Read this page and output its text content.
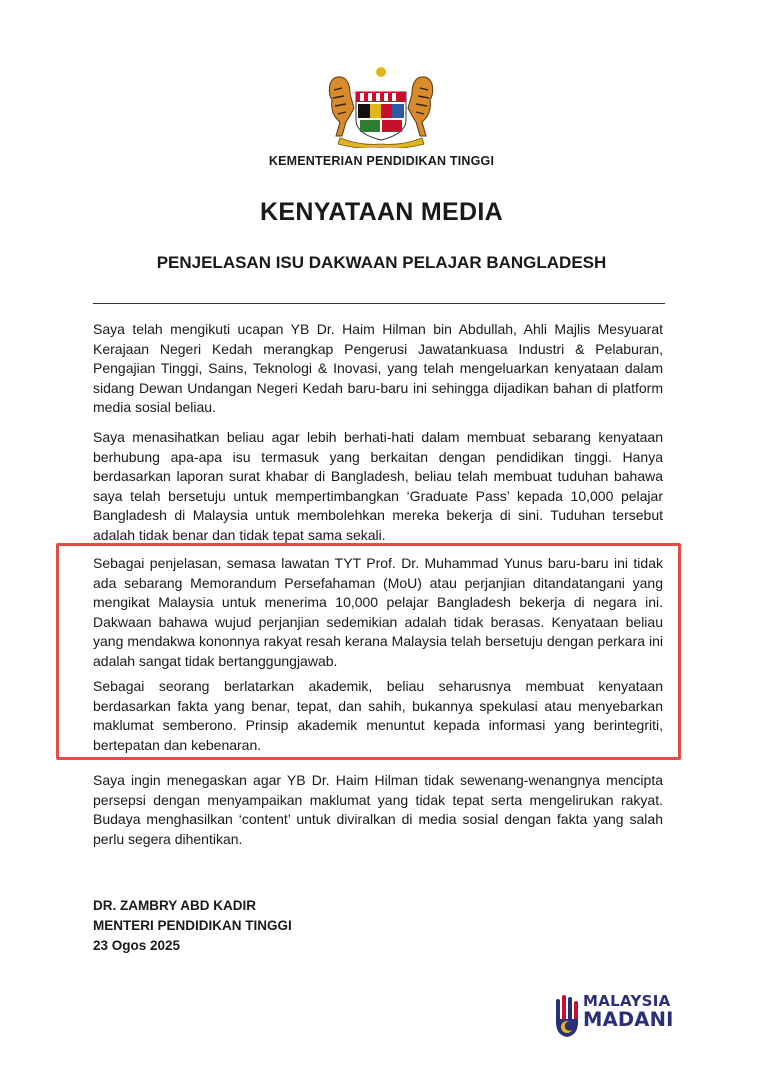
KEMENTERIAN PENDIDIKAN TINGGI
KENYATAAN MEDIA
PENJELASAN ISU DAKWAAN PELAJAR BANGLADESH

Saya telah mengikuti ucapan YB Dr. Haim Hilman bin Abdullah, Ahli Majlis Mesyuarat Kerajaan Negeri Kedah merangkap Pengerusi Jawatankuasa Industri & Pelaburan, Pengajian Tinggi, Sains, Teknologi & Inovasi, yang telah mengeluarkan kenyataan dalam sidang Dewan Undangan Negeri Kedah baru-baru ini sehingga dijadikan bahan di platform media sosial beliau.

Saya menasihatkan beliau agar lebih berhati-hati dalam membuat sebarang kenyataan berhubung apa-apa isu termasuk yang berkaitan dengan pendidikan tinggi. Hanya berdasarkan laporan surat khabar di Bangladesh, beliau telah membuat tuduhan bahawa saya telah bersetuju untuk mempertimbangkan ‘Graduate Pass’ kepada 10,000 pelajar Bangladesh di Malaysia untuk membolehkan mereka bekerja di sini. Tuduhan tersebut adalah tidak benar dan tidak tepat sama sekali.

Sebagai penjelasan, semasa lawatan TYT Prof. Dr. Muhammad Yunus baru-baru ini tidak ada sebarang Memorandum Persefahaman (MoU) atau perjanjian ditandatangani yang mengikat Malaysia untuk menerima 10,000 pelajar Bangladesh bekerja di negara ini. Dakwaan bahawa wujud perjanjian sedemikian adalah tidak berasas. Kenyataan beliau yang mendakwa kononnya rakyat resah kerana Malaysia telah bersetuju dengan perkara ini adalah sangat tidak bertanggungjawab.

Sebagai seorang berlatarkan akademik, beliau seharusnya membuat kenyataan berdasarkan fakta yang benar, tepat, dan sahih, bukannya spekulasi atau menyebarkan maklumat semberono. Prinsip akademik menuntut kepada informasi yang berintegriti, bertepatan dan kebenaran.

Saya ingin menegaskan agar YB Dr. Haim Hilman tidak sewenang-wenangnya mencipta persepsi dengan menyampaikan maklumat yang tidak tepat serta mengelirukan rakyat. Budaya menghasilkan ‘content’ untuk diviralkan di media sosial dengan fakta yang salah perlu segera dihentikan.

DR. ZAMBRY ABD KADIR
MENTERI PENDIDIKAN TINGGI
23 Ogos 2025
MALAYSIA
MADANI
